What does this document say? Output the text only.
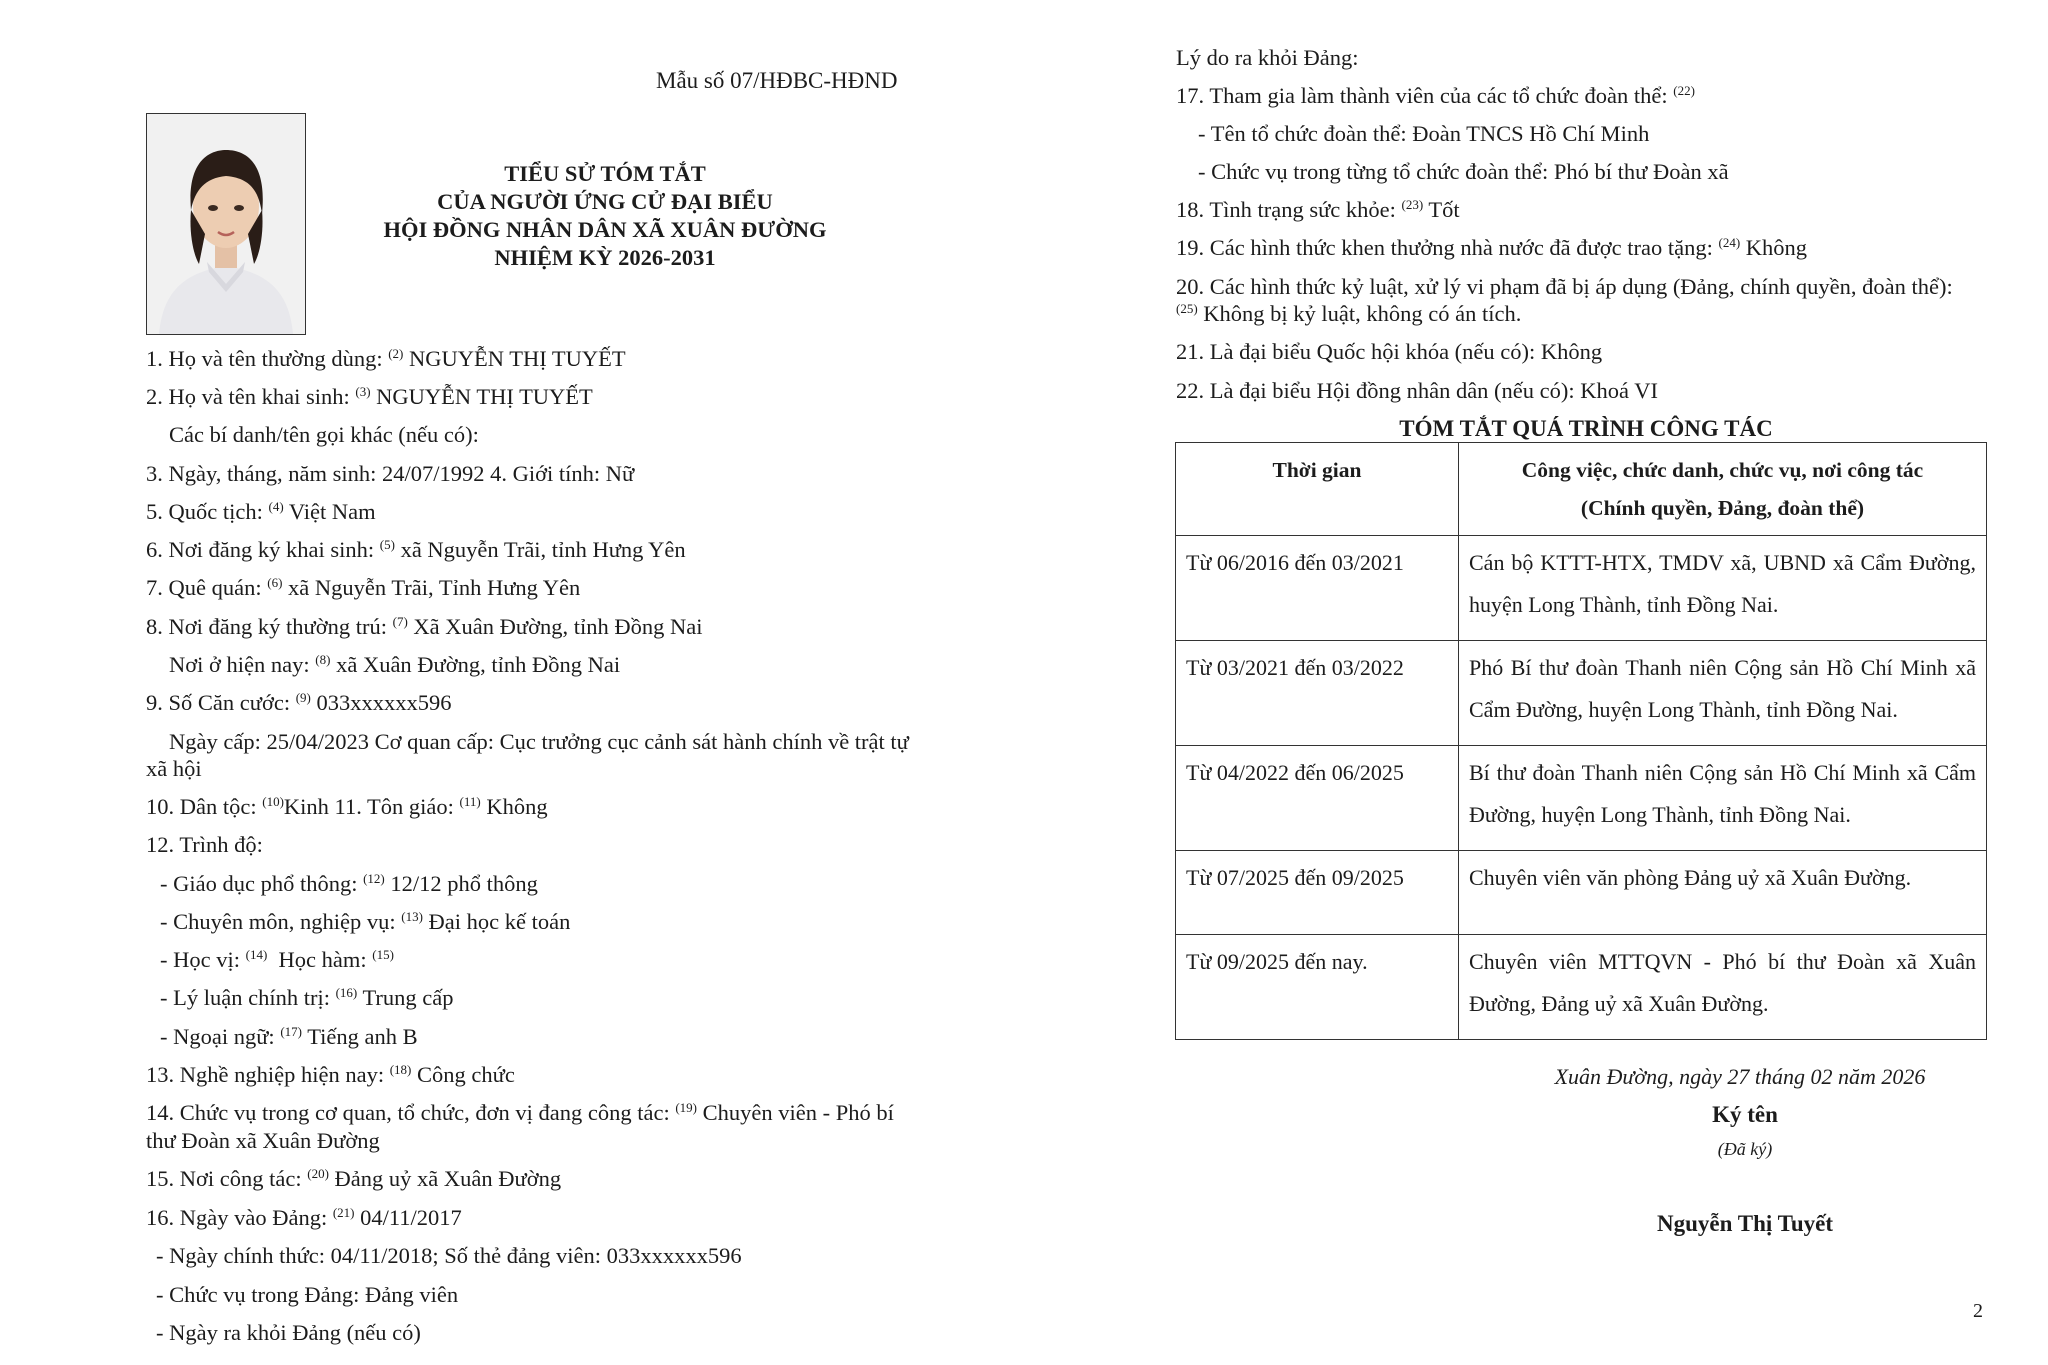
Mẫu số 07/HĐBC-HĐND
TIỂU SỬ TÓM TẮT
CỦA NGƯỜI ỨNG CỬ ĐẠI BIỂU
HỘI ĐỒNG NHÂN DÂN XÃ XUÂN ĐƯỜNG
NHIỆM KỲ 2026-2031
1. Họ và tên thường dùng: $^{(2)}$ NGUYỄN THỊ TUYẾT
2. Họ và tên khai sinh: $^{(3)}$ NGUYỄN THỊ TUYẾT
Các bí danh/tên gọi khác (nếu có):
3. Ngày, tháng, năm sinh: 24/07/1992 4. Giới tính: Nữ
5. Quốc tịch: $^{(4)}$ Việt Nam
6. Nơi đăng ký khai sinh: $^{(5)}$ xã Nguyễn Trãi, tỉnh Hưng Yên
7. Quê quán: $^{(6)}$ xã Nguyễn Trãi, Tỉnh Hưng Yên
8. Nơi đăng ký thường trú: $^{(7)}$ Xã Xuân Đường, tỉnh Đồng Nai
Nơi ở hiện nay: $^{(8)}$ xã Xuân Đường, tỉnh Đồng Nai
9. Số Căn cước: $^{(9)}$ 033xxxxxx596
Ngày cấp: 25/04/2023 Cơ quan cấp: Cục trưởng cục cảnh sát hành chính về trật tự
xã hội
10. Dân tộc: $^{(10)}$Kinh 11. Tôn giáo: $^{(11)}$ Không
12. Trình độ:
- Giáo dục phổ thông: $^{(12)}$ 12/12 phổ thông
- Chuyên môn, nghiệp vụ: $^{(13)}$ Đại học kế toán
- Học vị: $^{(14)}$ Học hàm: $^{(15)}$
- Lý luận chính trị: $^{(16)}$ Trung cấp
- Ngoại ngữ: $^{(17)}$ Tiếng anh B
13. Nghề nghiệp hiện nay: $^{(18)}$ Công chức
14. Chức vụ trong cơ quan, tổ chức, đơn vị đang công tác: $^{(19)}$ Chuyên viên - Phó bí
thư Đoàn xã Xuân Đường
15. Nơi công tác: $^{(20)}$ Đảng uỷ xã Xuân Đường
16. Ngày vào Đảng: $^{(21)}$ 04/11/2017
- Ngày chính thức: 04/11/2018; Số thẻ đảng viên: 033xxxxxx596
- Chức vụ trong Đảng: Đảng viên
- Ngày ra khỏi Đảng (nếu có)
Lý do ra khỏi Đảng:
17. Tham gia làm thành viên của các tổ chức đoàn thể: $^{(22)}$
- Tên tổ chức đoàn thể: Đoàn TNCS Hồ Chí Minh
- Chức vụ trong từng tổ chức đoàn thể: Phó bí thư Đoàn xã
18. Tình trạng sức khỏe: $^{(23)}$ Tốt
19. Các hình thức khen thưởng nhà nước đã được trao tặng: $^{(24)}$ Không
20. Các hình thức kỷ luật, xử lý vi phạm đã bị áp dụng (Đảng, chính quyền, đoàn thể):
$^{(25)}$ Không bị kỷ luật, không có án tích.
21. Là đại biểu Quốc hội khóa (nếu có): Không
22. Là đại biểu Hội đồng nhân dân (nếu có): Khoá VI
TÓM TẮT QUÁ TRÌNH CÔNG TÁC
Thời gian	Công việc, chức danh, chức vụ, nơi công tác
(Chính quyền, Đảng, đoàn thể)

Từ 06/2016 đến 03/2021	Cán bộ KTTT-HTX, TMDV xã, UBND xã Cẩm Đường, huyện Long Thành, tỉnh Đồng Nai.
Từ 03/2021 đến 03/2022	Phó Bí thư đoàn Thanh niên Cộng sản Hồ Chí Minh xã Cẩm Đường, huyện Long Thành, tỉnh Đồng Nai.
Từ 04/2022 đến 06/2025	Bí thư đoàn Thanh niên Cộng sản Hồ Chí Minh xã Cẩm Đường, huyện Long Thành, tỉnh Đồng Nai.
Từ 07/2025 đến 09/2025	Chuyên viên văn phòng Đảng uỷ xã Xuân Đường.
Từ 09/2025 đến nay.	Chuyên viên MTTQVN - Phó bí thư Đoàn xã Xuân Đường, Đảng uỷ xã Xuân Đường.
Xuân Đường, ngày 27 tháng 02 năm 2026
Ký tên
(Đã ký)
Nguyễn Thị Tuyết
2
